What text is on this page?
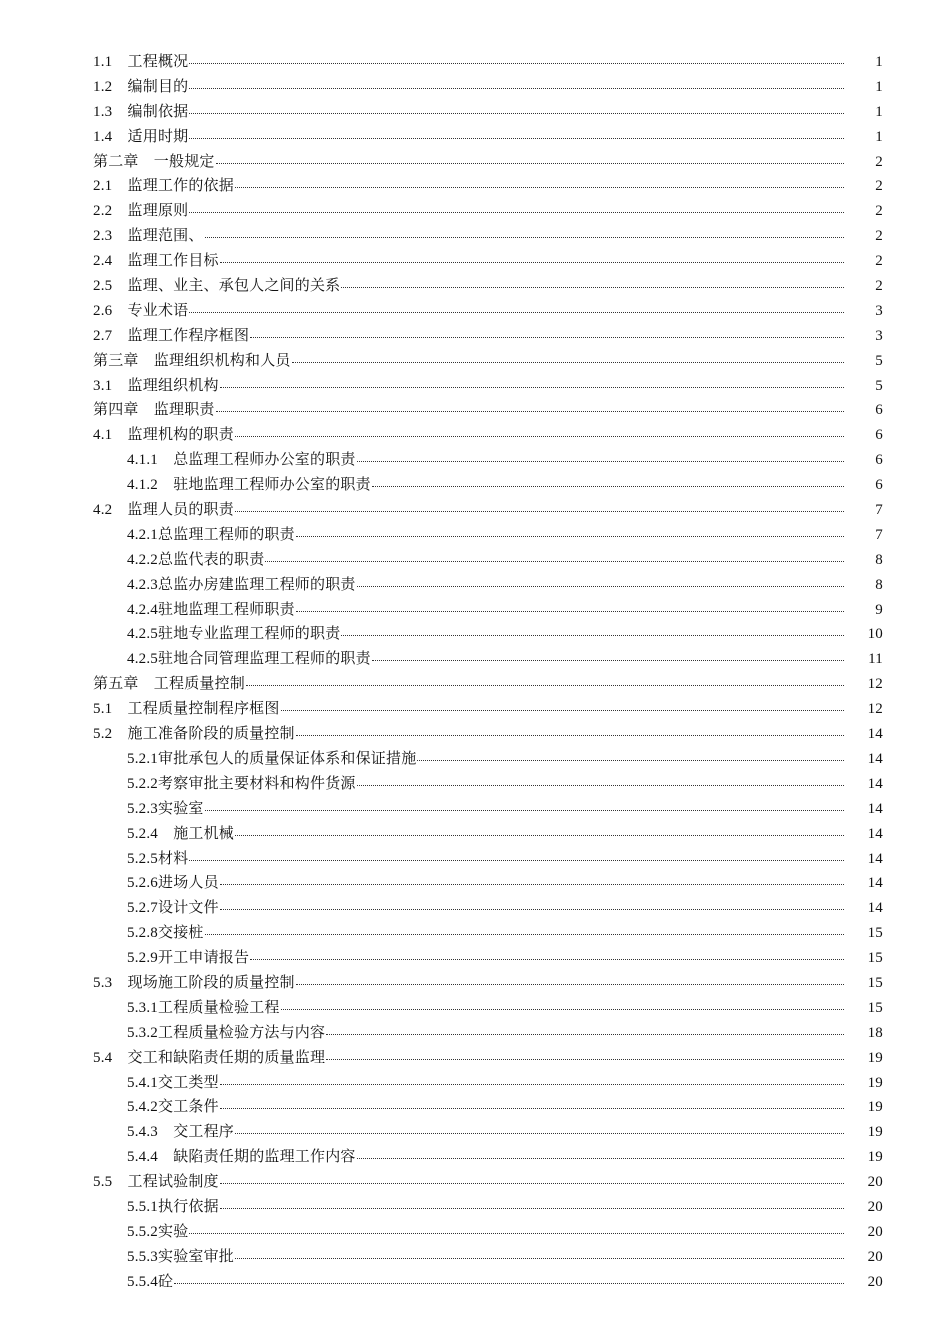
1.1　工程概况	1
1.2　编制目的	1
1.3　编制依据	1
1.4　适用时期	1
第二章　一般规定	2
2.1　监理工作的依据	2
2.2　监理原则	2
2.3　监理范围、	2
2.4　监理工作目标	2
2.5　监理、业主、承包人之间的关系	2
2.6　专业术语	3
2.7　监理工作程序框图	3
第三章　监理组织机构和人员	5
3.1　监理组织机构	5
第四章　监理职责	6
4.1　监理机构的职责	6
4.1.1　总监理工程师办公室的职责	6
4.1.2　驻地监理工程师办公室的职责	6
4.2　监理人员的职责	7
4.2.1总监理工程师的职责	7
4.2.2总监代表的职责	8
4.2.3总监办房建监理工程师的职责	8
4.2.4驻地监理工程师职责	9
4.2.5驻地专业监理工程师的职责	10
4.2.5驻地合同管理监理工程师的职责	11
第五章　工程质量控制	12
5.1　工程质量控制程序框图	12
5.2　施工准备阶段的质量控制	14
5.2.1审批承包人的质量保证体系和保证措施	14
5.2.2考察审批主要材料和构件货源	14
5.2.3实验室	14
5.2.4　施工机械	14
5.2.5材料	14
5.2.6进场人员	14
5.2.7设计文件	14
5.2.8交接桩	15
5.2.9开工申请报告	15
5.3　现场施工阶段的质量控制	15
5.3.1工程质量检验工程	15
5.3.2工程质量检验方法与内容	18
5.4　交工和缺陷责任期的质量监理	19
5.4.1交工类型	19
5.4.2交工条件	19
5.4.3　交工程序	19
5.4.4　缺陷责任期的监理工作内容	19
5.5　工程试验制度	20
5.5.1执行依据	20
5.5.2实验	20
5.5.3实验室审批	20
5.5.4砼	20
